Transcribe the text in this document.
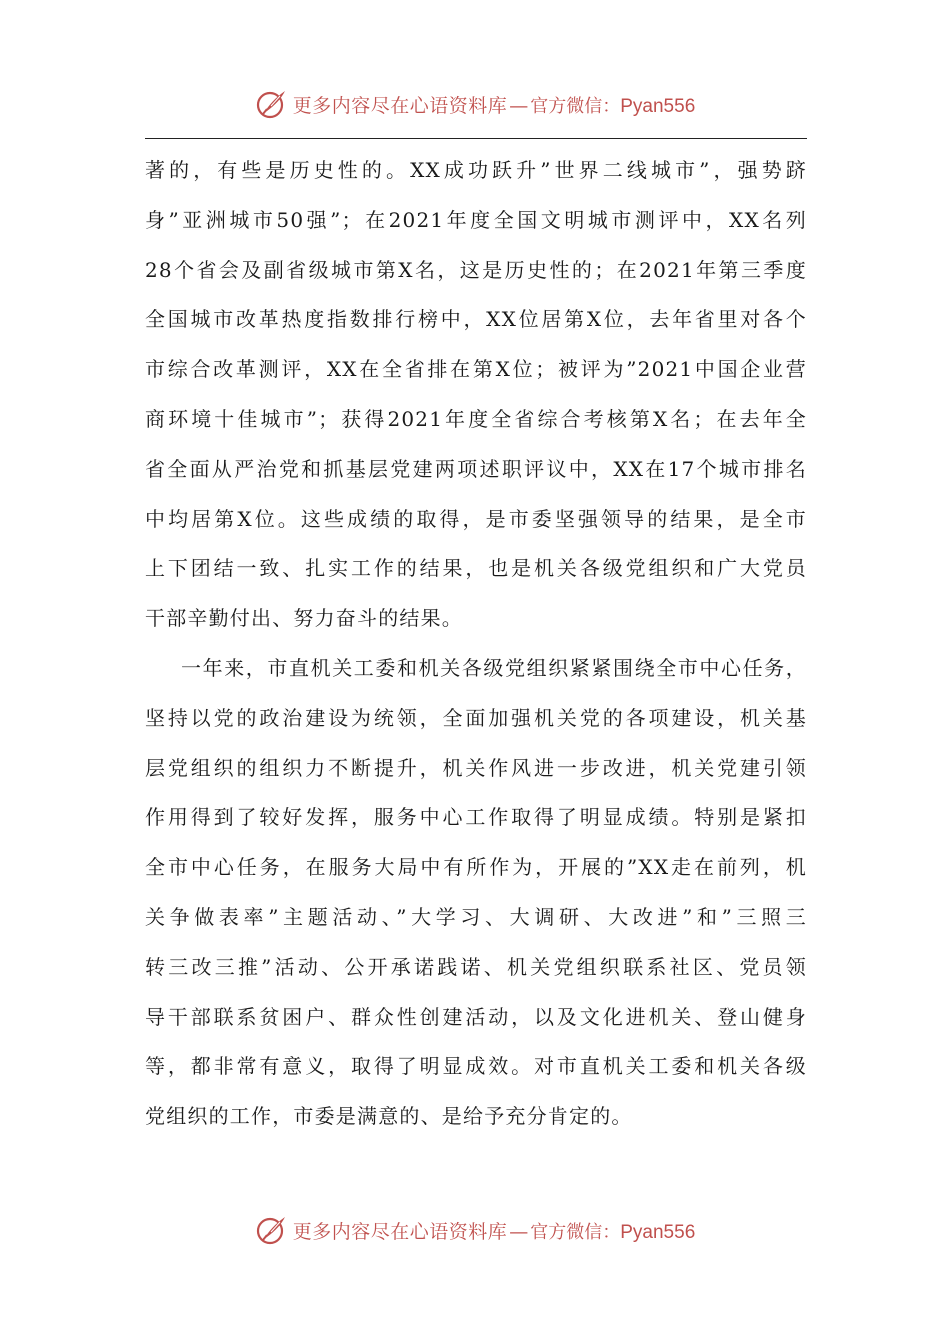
更多内容尽在心语资料库 — 官方微信：Pyan556
著的，有些是历史性的。XX成功跃升”世界二线城市”，强势跻
身”亚洲城市50强”；在2021年度全国文明城市测评中，XX名列
28个省会及副省级城市第X名，这是历史性的；在2021年第三季度
全国城市改革热度指数排行榜中，XX位居第X位，去年省里对各个
市综合改革测评，XX在全省排在第X位；被评为”2021中国企业营
商环境十佳城市”；获得2021年度全省综合考核第X名；在去年全
省全面从严治党和抓基层党建两项述职评议中，XX在17个城市排名
中均居第X位。这些成绩的取得，是市委坚强领导的结果，是全市
上下团结一致、扎实工作的结果，也是机关各级党组织和广大党员
干部辛勤付出、努力奋斗的结果。
一年来，市直机关工委和机关各级党组织紧紧围绕全市中心任务，
坚持以党的政治建设为统领，全面加强机关党的各项建设，机关基
层党组织的组织力不断提升，机关作风进一步改进，机关党建引领
作用得到了较好发挥，服务中心工作取得了明显成绩。特别是紧扣
全市中心任务，在服务大局中有所作为，开展的”XX走在前列，机
关争做表率”主题活动、”大学习、大调研、大改进”和”三照三
转三改三推”活动、公开承诺践诺、机关党组织联系社区、党员领
导干部联系贫困户、群众性创建活动，以及文化进机关、登山健身
等，都非常有意义，取得了明显成效。对市直机关工委和机关各级
党组织的工作，市委是满意的、是给予充分肯定的。
更多内容尽在心语资料库 — 官方微信：Pyan556
